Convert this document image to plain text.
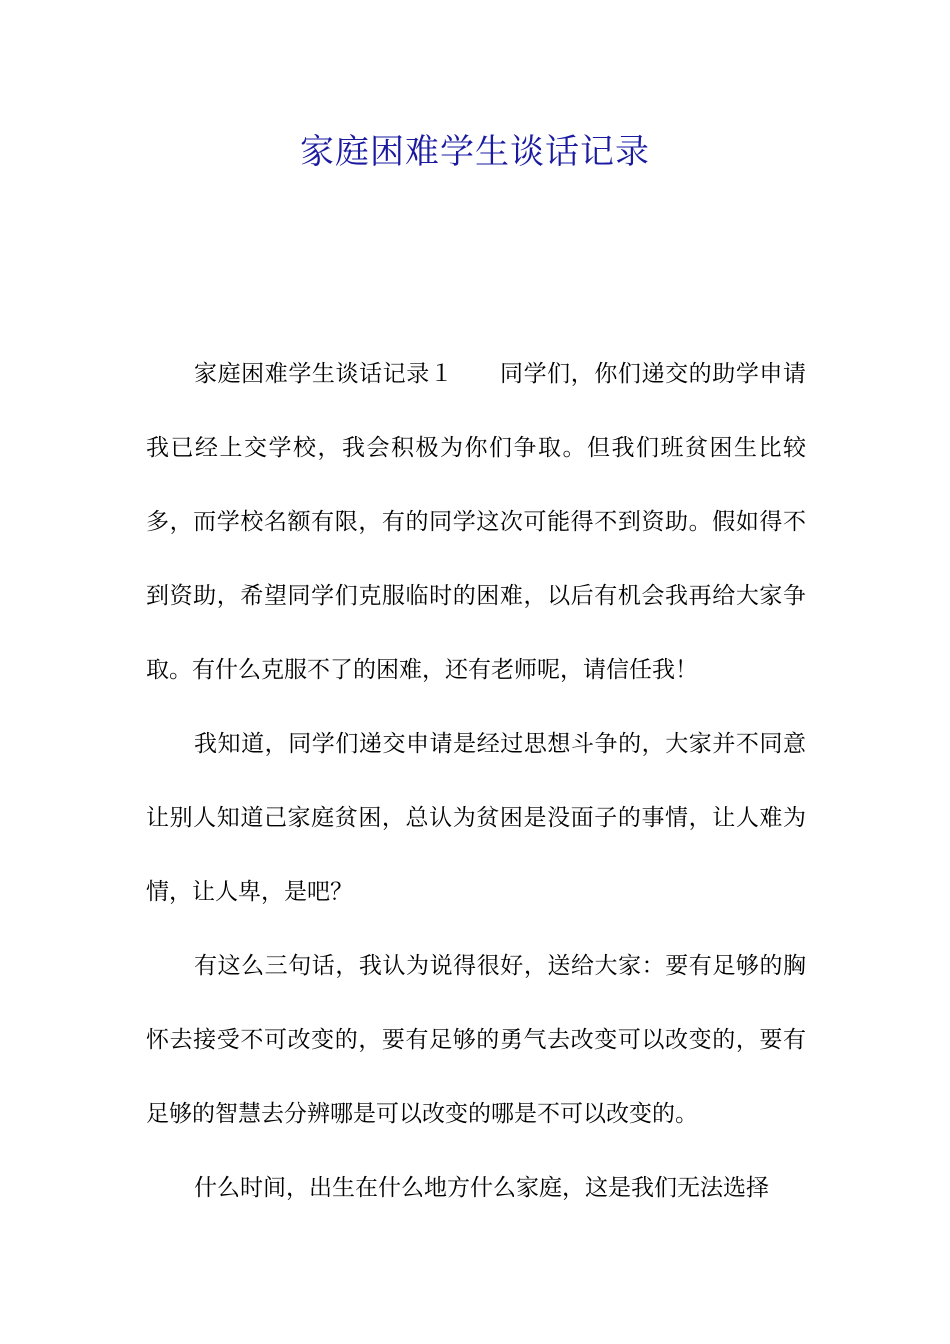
家庭困难学生谈话记录

家庭困难学生谈话记录１ 同学们，你们递交的助学申请我已经上交学校，我会积极为你们争取。但我们班贫困生比较多，而学校名额有限，有的同学这次可能得不到资助。假如得不到资助，希望同学们克服临时的困难，以后有机会我再给大家争取。有什么克服不了的困难，还有老师呢，请信任我！

我知道，同学们递交申请是经过思想斗争的，大家并不同意让别人知道己家庭贫困，总认为贫困是没面子的事情，让人难为情，让人卑，是吧？

有这么三句话，我认为说得很好，送给大家：要有足够的胸怀去接受不可改变的，要有足够的勇气去改变可以改变的，要有足够的智慧去分辨哪是可以改变的哪是不可以改变的。

什么时间，出生在什么地方什么家庭，这是我们无法选择
